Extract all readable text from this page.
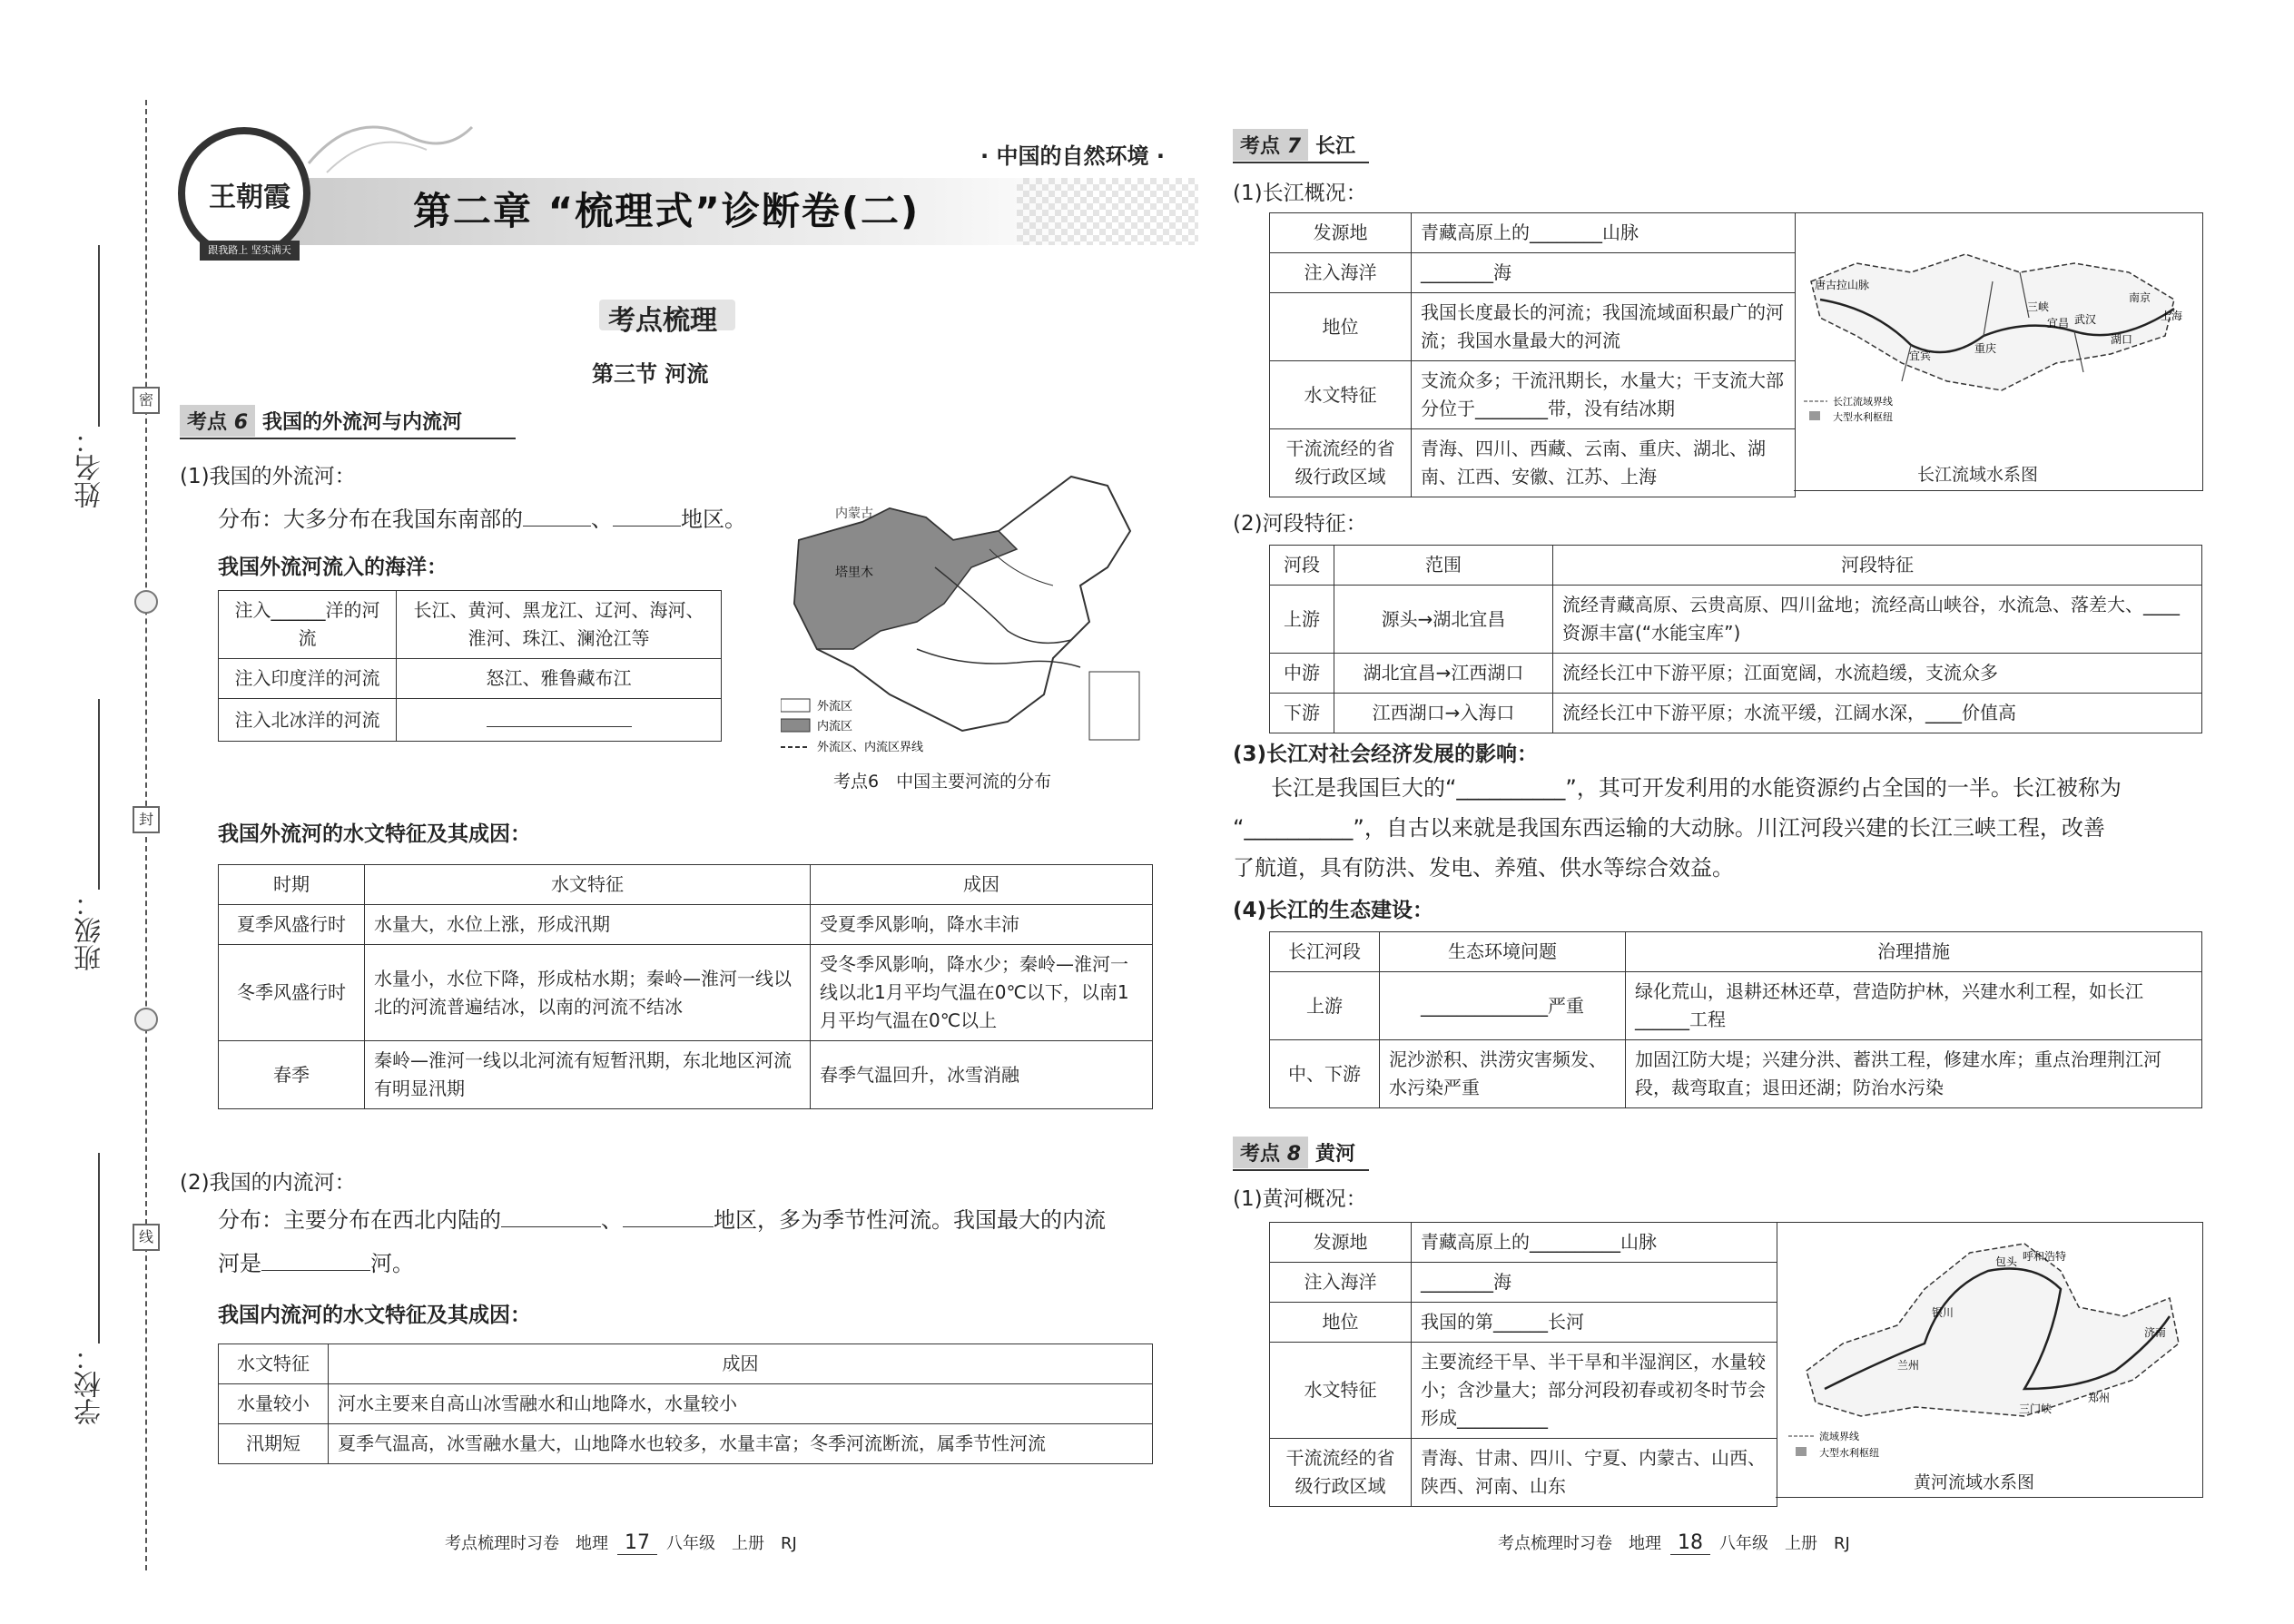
姓名：
班级：
学校：
密
封
线
王朝霞
跟我路上 坚实满天
· 中国的自然环境 ·
第二章 “梳理式”诊断卷(二)
考点梳理
第三节 河流
考点 6 我国的外流河与内流河
(1)我国的外流河：
分布：大多分布在我国东南部的	、	地区。
我国外流河流入的海洋：
注入______洋的河流	长江、黄河、黑龙江、辽河、海河、淮河、珠江、澜沧江等
注入印度洋的河流	怒江、雅鲁藏布江
注入北冰洋的河流	
内蒙古
塔里木
外流区
内流区
外流区、内流区界线
考点6　中国主要河流的分布
我国外流河的水文特征及其成因：
时期	水文特征	成因
夏季风盛行时	水量大，水位上涨，形成汛期	受夏季风影响，降水丰沛
冬季风盛行时	水量小，水位下降，形成枯水期；秦岭—淮河一线以北的河流普遍结冰，以南的河流不结冰	受冬季风影响，降水少；秦岭—淮河一线以北1月平均气温在0℃以下，以南1月平均气温在0℃以上
春季	秦岭—淮河一线以北河流有短暂汛期，东北地区河流有明显汛期	春季气温回升，冰雪消融
(2)我国的内流河：
分布：主要分布在西北内陆的	、	地区，多为季节性河流。我国最大的内流
河是	河。
我国内流河的水文特征及其成因：
水文特征	成因
水量较小	河水主要来自高山冰雪融水和山地降水，水量较小
汛期短	夏季气温高，冰雪融水量大，山地降水也较多，水量丰富；冬季河流断流，属季节性河流
考点梳理时习卷　地理 17 八年级　上册　RJ
考点 7 长江
(1)长江概况：
发源地	青藏高原上的________山脉
注入海洋	________海
地位	我国长度最长的河流；我国流域面积最广的河流；我国水量最大的河流
水文特征	支流众多；干流汛期长，水量大；干支流大部分位于________带，没有结冰期
干流流经的省级行政区域	青海、四川、西藏、云南、重庆、湖北、湖南、江西、安徽、江苏、上海
唐古拉山脉
宜宾
重庆
宜昌
三峡
武汉
湖口
南京
上海
长江流域界线
大型水利枢纽
长江流域水系图
(2)河段特征：
河段	范围	河段特征
上游	源头→湖北宜昌	流经青藏高原、云贵高原、四川盆地；流经高山峡谷，水流急、落差大、____资源丰富(“水能宝库”)
中游	湖北宜昌→江西湖口	流经长江中下游平原；江面宽阔，水流趋缓，支流众多
下游	江西湖口→入海口	流经长江中下游平原；水流平缓，江阔水深，____价值高
(3)长江对社会经济发展的影响：
长江是我国巨大的“__________”，其可开发利用的水能资源约占全国的一半。长江被称为
“__________”，自古以来就是我国东西运输的大动脉。川江河段兴建的长江三峡工程，改善
了航道，具有防洪、发电、养殖、供水等综合效益。
(4)长江的生态建设：
长江河段	生态环境问题	治理措施
上游	______________严重	绿化荒山，退耕还林还草，营造防护林，兴建水利工程，如长江______工程
中、下游	泥沙淤积、洪涝灾害频发、水污染严重	加固江防大堤；兴建分洪、蓄洪工程，修建水库；重点治理荆江河段，裁弯取直；退田还湖；防治水污染
考点 8 黄河
(1)黄河概况：
发源地	青藏高原上的__________山脉
注入海洋	________海
地位	我国的第______长河
水文特征	主要流经干旱、半干旱和半湿润区，水量较小；含沙量大；部分河段初春或初冬时节会形成__________
干流流经的省级行政区域	青海、甘肃、四川、宁夏、内蒙古、山西、陕西、河南、山东
呼和浩特
兰州
银川
包头
郑州
济南
三门峡
流域界线
大型水利枢纽
黄河流域水系图
考点梳理时习卷　地理 18 八年级　上册　RJ
